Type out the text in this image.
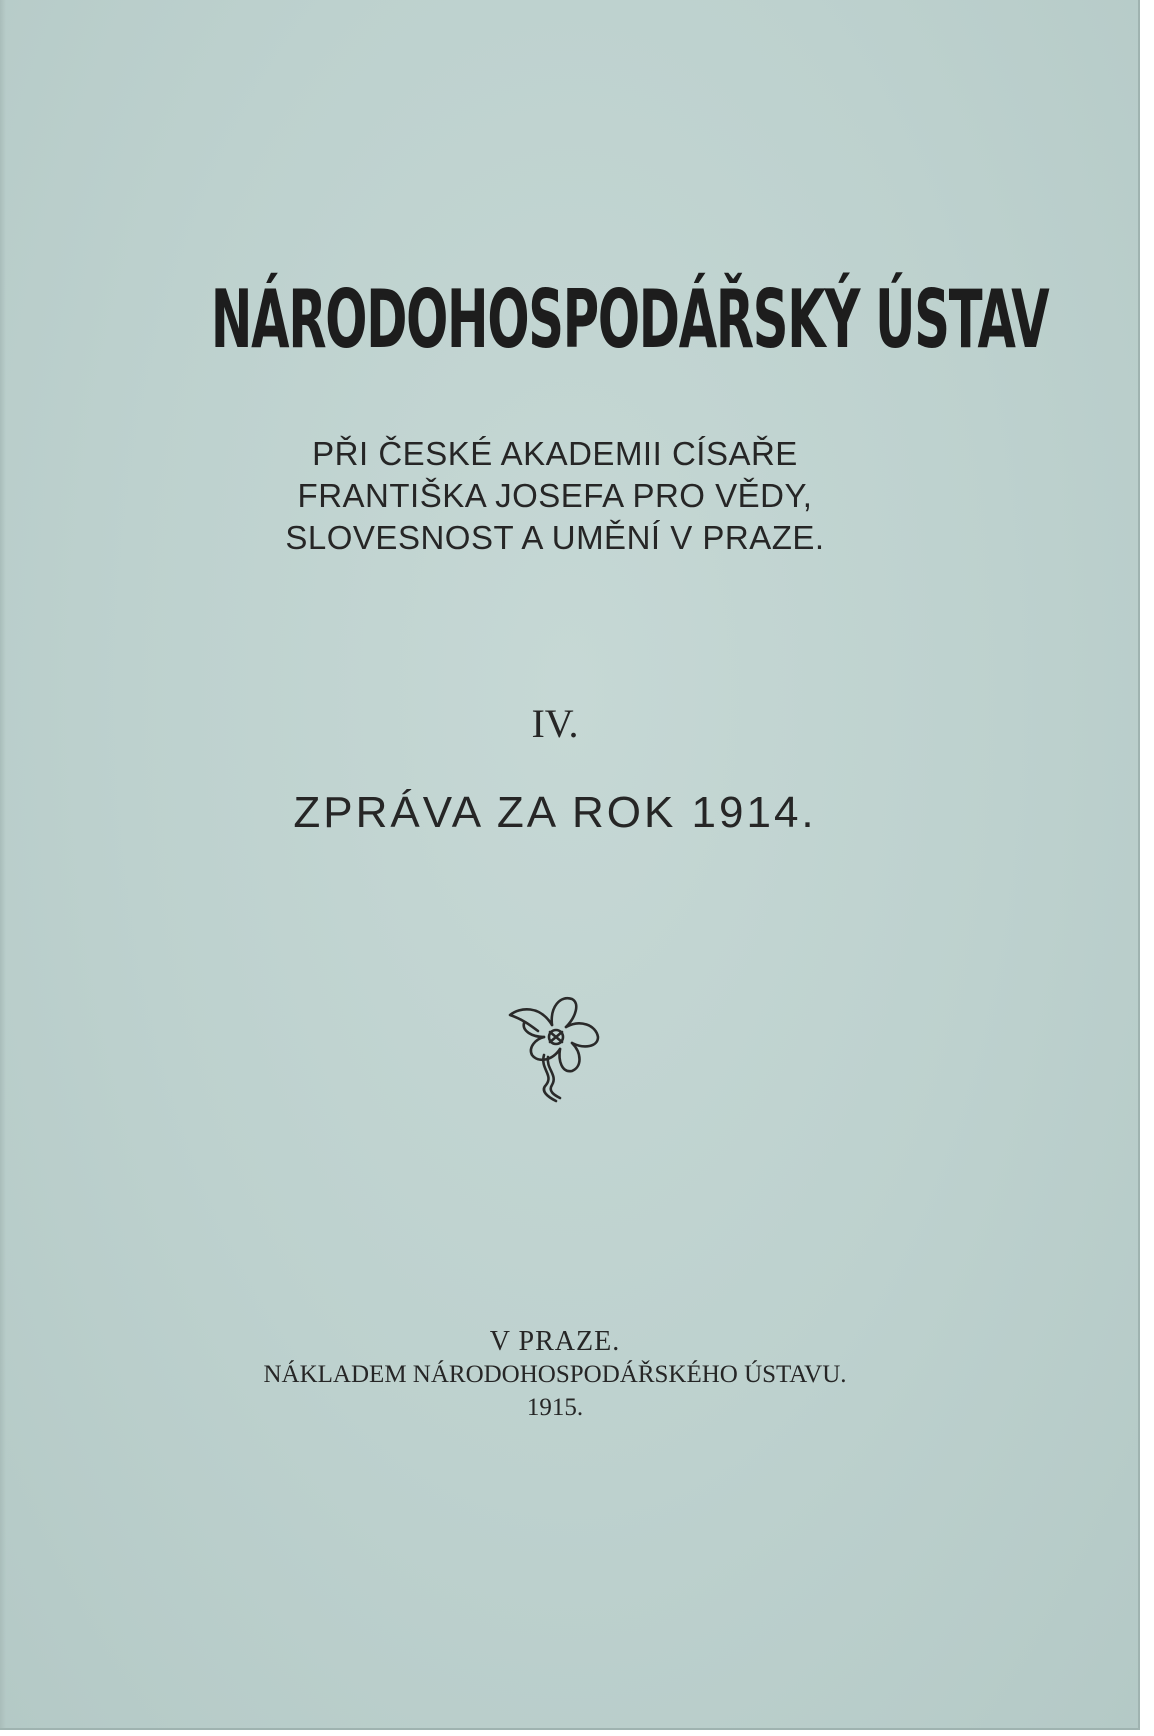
NÁRODOHOSPODÁŘSKÝ ÚSTAV
PŘI ČESKÉ AKADEMII CÍSAŘE
FRANTIŠKA JOSEFA PRO VĚDY,
SLOVESNOST A UMĚNÍ V PRAZE.
IV.
ZPRÁVA ZA ROK 1914.
V PRAZE.
NÁKLADEM NÁRODOHOSPODÁŘSKÉHO ÚSTAVU.
1915.
